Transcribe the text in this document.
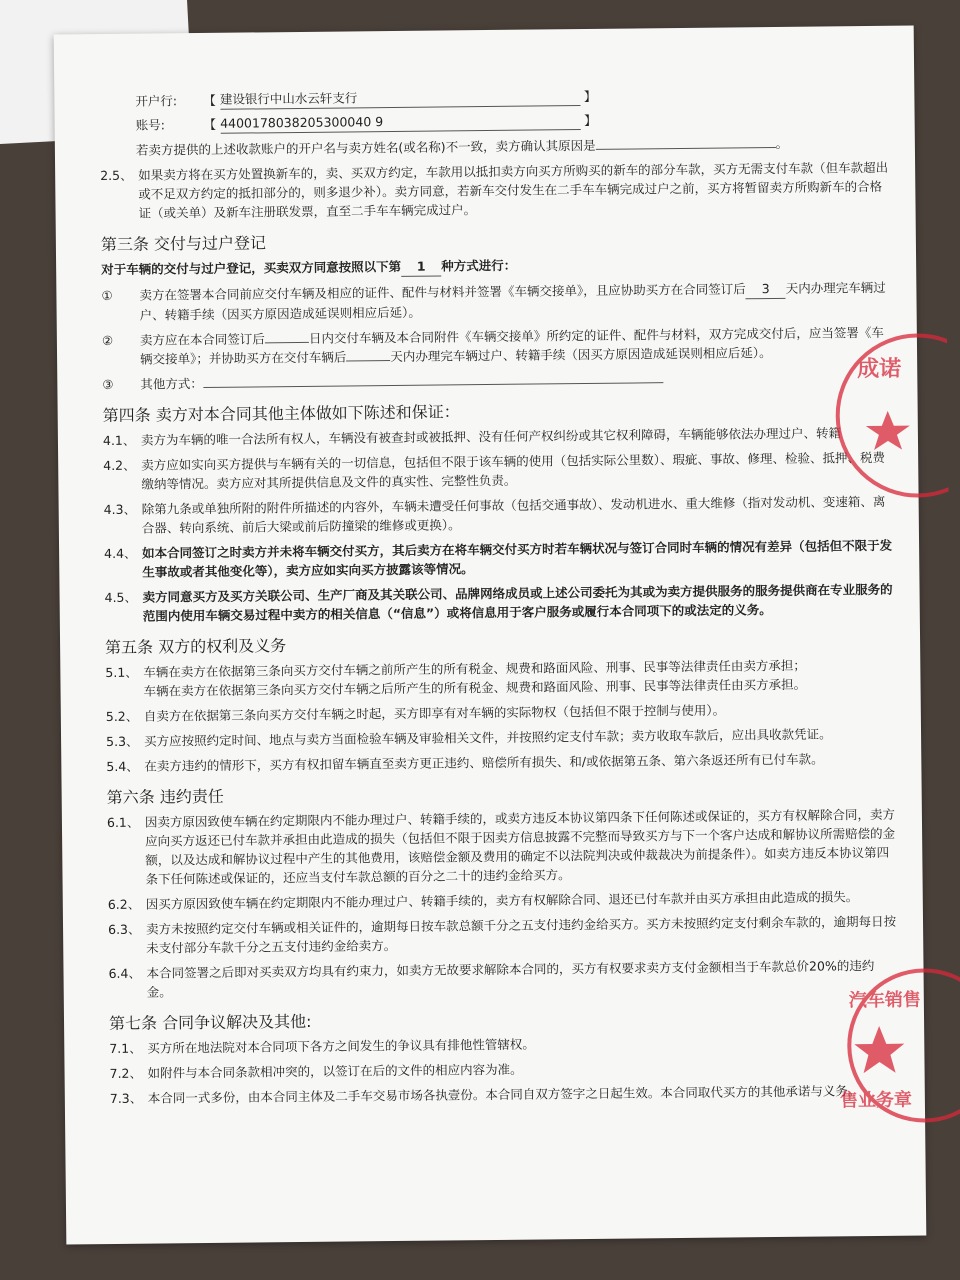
开户行:	【 建设银行中山水云轩支行	】
账号:	【 4400178038205300040 9	】
若卖方提供的上述收款账户的开户名与卖方姓名(或名称)不一致，卖方确认其原因是	。
2.5、 如果卖方将在买方处置换新车的，卖、买双方约定，车款用以抵扣卖方向买方所购买的新车的部分车款，买方无需支付车款（但车款超出或不足双方约定的抵扣部分的，则多退少补）。卖方同意，若新车交付发生在二手车车辆完成过户之前，买方将暂留卖方所购新车的合格证（或关单）及新车注册联发票，直至二手车车辆完成过户。
第三条 交付与过户登记
对于车辆的交付与过户登记，买卖双方同意按照以下第 1 种方式进行：
①	卖方在签署本合同前应交付车辆及相应的证件、配件与材料并签署《车辆交接单》，且应协助买方在合同签订后 3 天内办理完车辆过户、转籍手续（因买方原因造成延误则相应后延）。
②	卖方应在本合同签订后	日内交付车辆及本合同附件《车辆交接单》所约定的证件、配件与材料，双方完成交付后，应当签署《车辆交接单》；并协助买方在交付车辆后	天内办理完车辆过户、转籍手续（因买方原因造成延误则相应后延）。
③	其他方式：
第四条 卖方对本合同其他主体做如下陈述和保证：
4.1、 卖方为车辆的唯一合法所有权人，车辆没有被查封或被抵押、没有任何产权纠纷或其它权利障碍，车辆能够依法办理过户、转籍
4.2、 卖方应如实向买方提供与车辆有关的一切信息，包括但不限于该车辆的使用（包括实际公里数）、瑕疵、事故、修理、检验、抵押、税费缴纳等情况。卖方应对其所提供信息及文件的真实性、完整性负责。
4.3、 除第九条或单独所附的附件所描述的内容外，车辆未遭受任何事故（包括交通事故）、发动机进水、重大维修（指对发动机、变速箱、离合器、转向系统、前后大梁或前后防撞梁的维修或更换）。
4.4、 如本合同签订之时卖方并未将车辆交付买方，其后卖方在将车辆交付买方时若车辆状况与签订合同时车辆的情况有差异（包括但不限于发生事故或者其他变化等），卖方应如实向买方披露该等情况。
4.5、 卖方同意买方及买方关联公司、生产厂商及其关联公司、品牌网络成员或上述公司委托为其或为卖方提供服务的服务提供商在专业服务的范围内使用车辆交易过程中卖方的相关信息（“信息”）或将信息用于客户服务或履行本合同项下的或法定的义务。
第五条 双方的权利及义务
5.1、 车辆在卖方在依据第三条向买方交付车辆之前所产生的所有税金、规费和路面风险、刑事、民事等法律责任由卖方承担；
车辆在卖方在依据第三条向买方交付车辆之后所产生的所有税金、规费和路面风险、刑事、民事等法律责任由买方承担。
5.2、 自卖方在依据第三条向买方交付车辆之时起，买方即享有对车辆的实际物权（包括但不限于控制与使用）。
5.3、 买方应按照约定时间、地点与卖方当面检验车辆及审验相关文件，并按照约定支付车款；卖方收取车款后，应出具收款凭证。
5.4、 在卖方违约的情形下，买方有权扣留车辆直至卖方更正违约、赔偿所有损失、和/或依据第五条、第六条返还所有已付车款。
第六条 违约责任
6.1、 因卖方原因致使车辆在约定期限内不能办理过户、转籍手续的，或卖方违反本协议第四条下任何陈述或保证的，买方有权解除合同，卖方应向买方返还已付车款并承担由此造成的损失（包括但不限于因卖方信息披露不完整而导致买方与下一个客户达成和解协议所需赔偿的金额，以及达成和解协议过程中产生的其他费用，该赔偿金额及费用的确定不以法院判决或仲裁裁决为前提条件）。如卖方违反本协议第四条下任何陈述或保证的，还应当支付车款总额的百分之二十的违约金给买方。
6.2、 因买方原因致使车辆在约定期限内不能办理过户、转籍手续的，卖方有权解除合同、退还已付车款并由买方承担由此造成的损失。
6.3、 卖方未按照约定交付车辆或相关证件的，逾期每日按车款总额千分之五支付违约金给买方。买方未按照约定支付剩余车款的，逾期每日按未支付部分车款千分之五支付违约金给卖方。
6.4、 本合同签署之后即对买卖双方均具有约束力，如卖方无故要求解除本合同的，买方有权要求卖方支付金额相当于车款总价20%的违约金。
第七条 合同争议解决及其他:
7.1、 买方所在地法院对本合同项下各方之间发生的争议具有排他性管辖权。
7.2、 如附件与本合同条款相冲突的，以签订在后的文件的相应内容为准。
7.3、 本合同一式多份，由本合同主体及二手车交易市场各执壹份。本合同自双方签字之日起生效。本合同取代买方的其他承诺与义务。
成诺
汽车销售
售业务章
